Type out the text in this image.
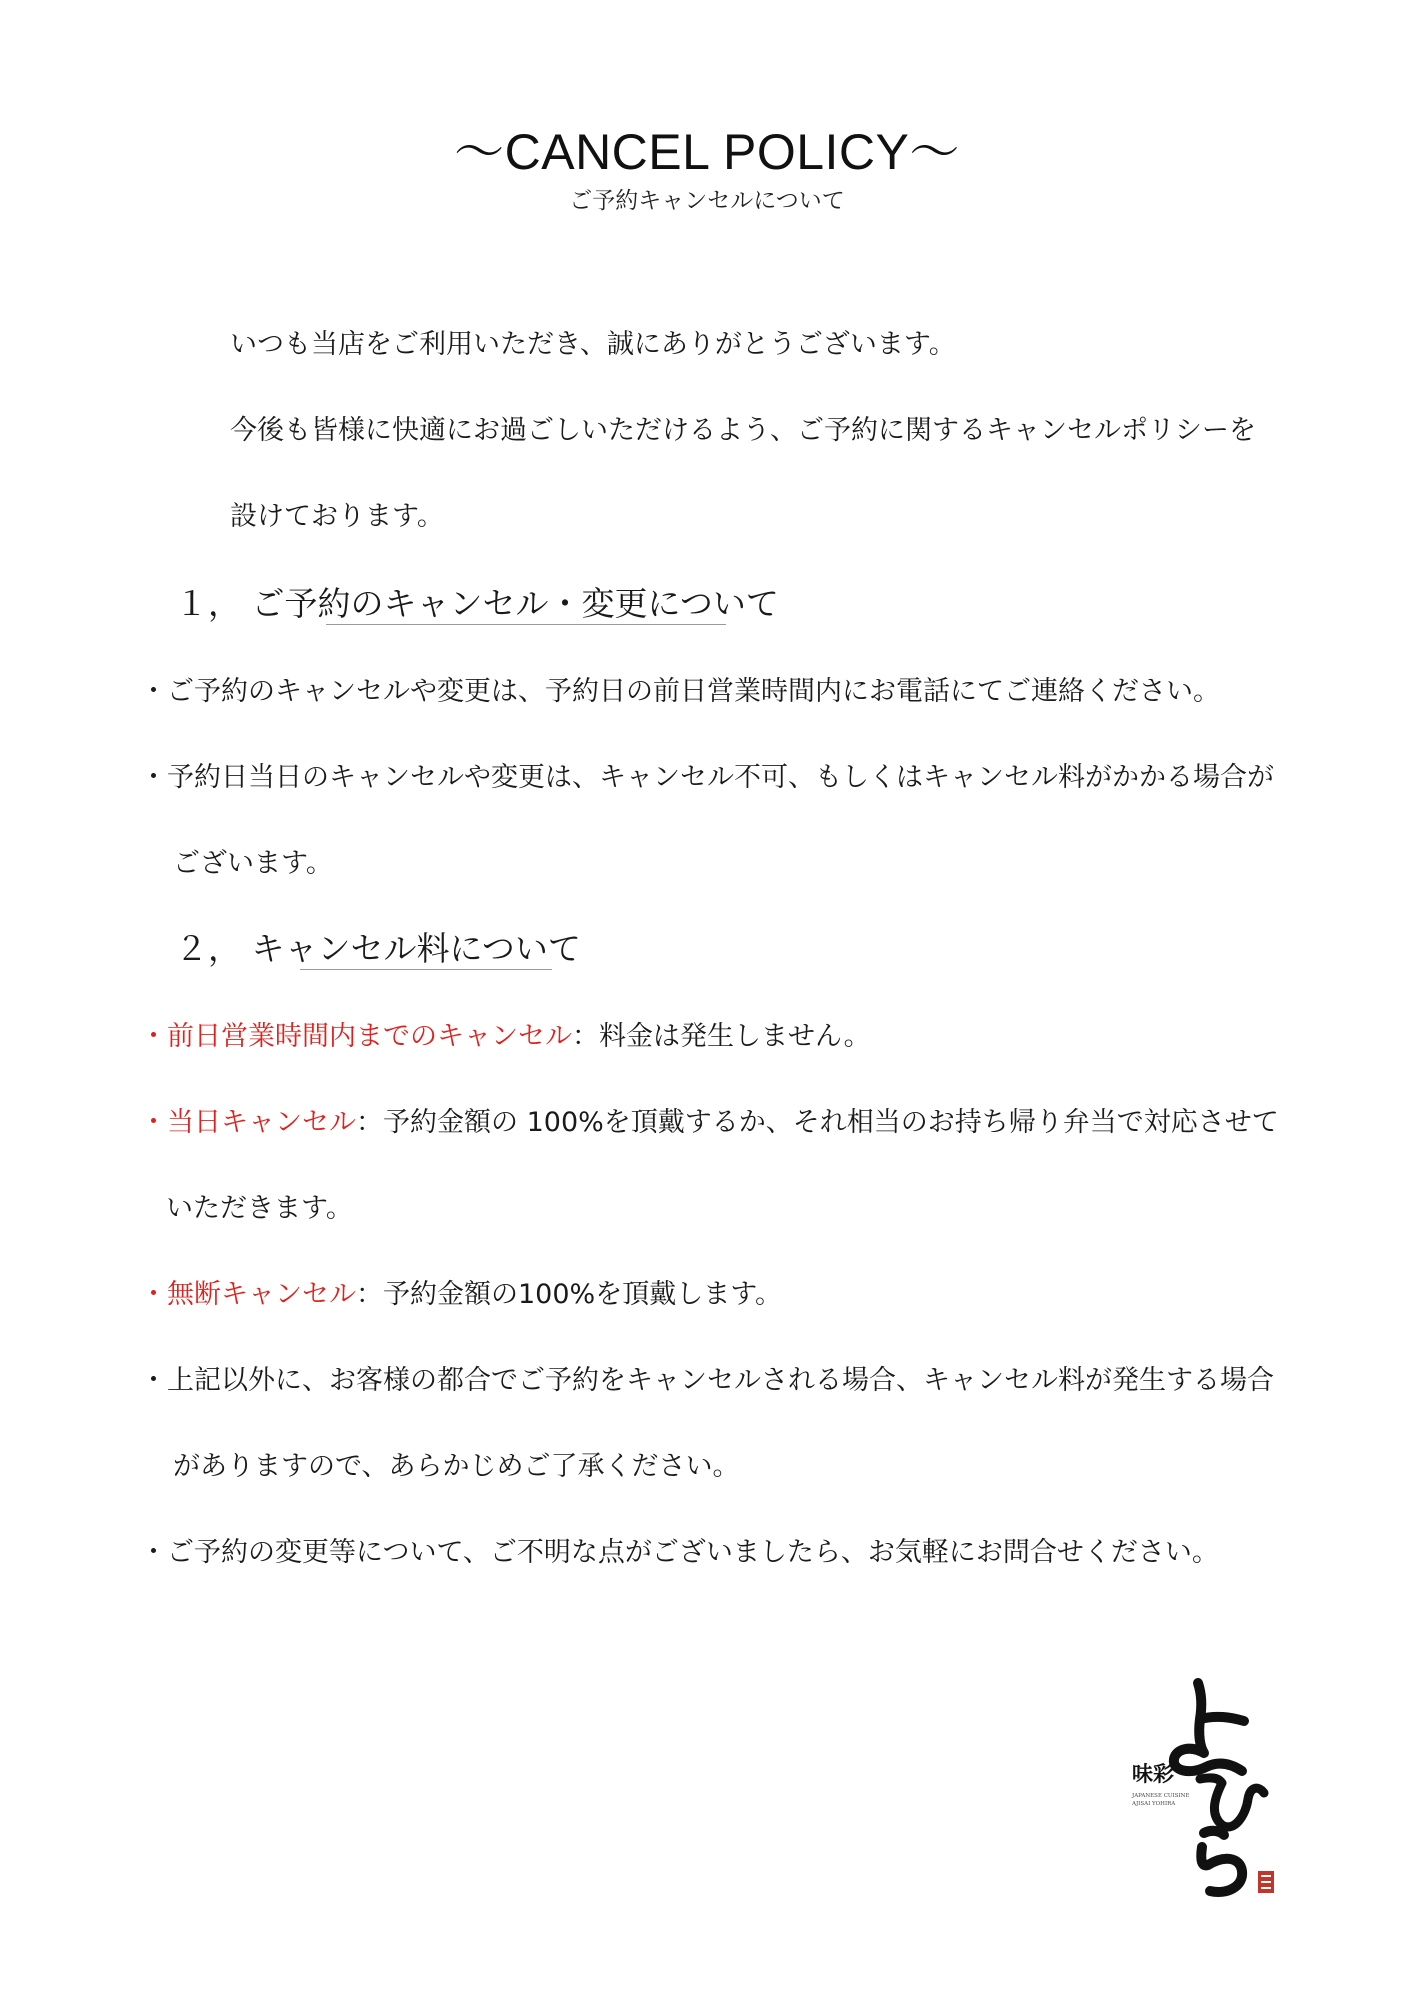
～CANCEL POLICY～
ご予約キャンセルについて
いつも当店をご利用いただき、誠にありがとうございます。
今後も皆様に快適にお過ごしいただけるよう、ご予約に関するキャンセルポリシーを
設けております。
１， ご予約のキャンセル・変更について
・ご予約のキャンセルや変更は、予約日の前日営業時間内にお電話にてご連絡ください。
・予約日当日のキャンセルや変更は、キャンセル不可、もしくはキャンセル料がかかる場合が
ございます。
２， キャンセル料について
・前日営業時間内までのキャンセル：料金は発生しません。
・当日キャンセル：予約金額の 100%を頂戴するか、それ相当のお持ち帰り弁当で対応させて
いただきます。
・無断キャンセル：予約金額の100%を頂戴します。
・上記以外に、お客様の都合でご予約をキャンセルされる場合、キャンセル料が発生する場合
がありますので、あらかじめご了承ください。
・ご予約の変更等について、ご不明な点がございましたら、お気軽にお問合せください。
味彩
JAPANESE CUISINE
AJISAI YOHIRA
